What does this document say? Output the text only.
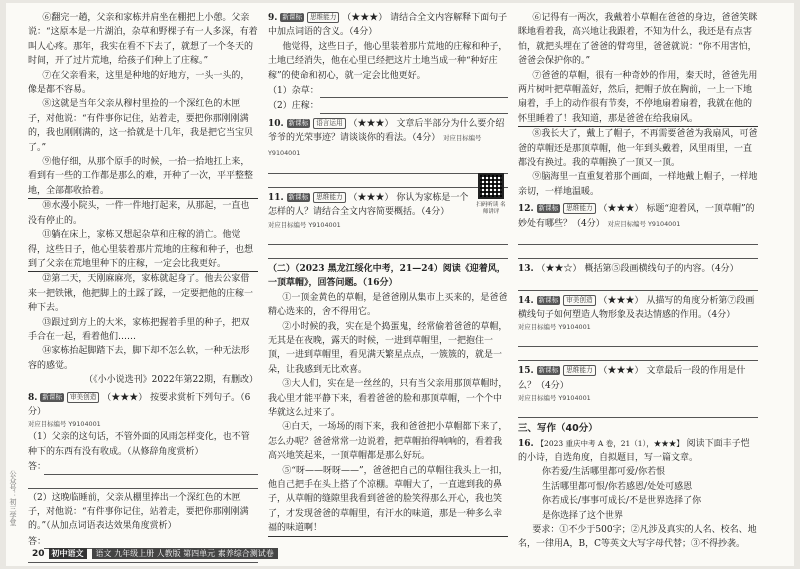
⑥翻完一趟，父亲和家栋并肩坐在棚把上小憩。父亲说：“这原本是一片湖泊，杂草和野棵子有一人多深，有着叫人心疼。那年，我实在看不下去了，就想了一个冬天的时间，开了过片荒地，给孩子们种上了庄稼。”

⑦在父亲看来，这里是种地的好地方，一头一头的，像是都不容易。

⑧这就是当年父亲从穆村里捡的一个深红色的木匣子，对他说：“有件事你记住，站着走，要把你那刚刚满的，我也刚刚满的，这一拾就是十几年，我是把它当宝贝了。”

⑨他仔细，从那个原手的时候，一拾一拾地扛上来，看到有一些的工作都是那么的难，开种了一次，平平整整地，全部都收拾着。

⑩水漫小院头，一件一件地打起来，从那起，一直也没有停止的。

⑪躺在床上，家栋又想起杂草和庄稼的消亡。他觉得，这些日子，他心里装着那片荒地的庄稼和种子，也想到了父亲在荒地里种下的庄稼，一定会比我更好。

⑫第二天，天刚麻麻亮，家栋就起身了。他去公家借来一把铁锹，他把脚上的土踩了踩，一定要把他的庄稼一种下去。

⑬跟过到方上的大米，家栋把握着手里的种子，把双手合在一起，看着他们……

⑭家栋抬起脚踏下去，脚下却不怎么软，一种无法形容的感觉。

（《小小说选刊》2022年第22期，有删改）

8. 新课标 审美创造 （★★★） 按要求赏析下列句子。（6分）
对应目标编号 Y9104001

（1）父亲的这句话，不管外面的风雨怎样变化，也不管种下的东西有没有收成。（从修辞角度赏析）

答：

（2）这晚临睡前，父亲从棚里捧出一个深红色的木匣子，对他说：“有件事你记住，站着走，要把你那刚刚满的。”（从加点词语表达效果角度赏析）

答：
9. 新课标 思维能力 （★★★） 请结合全文内容解释下面句子中加点词语的含义。（4分）

他觉得，这些日子，他心里装着那片荒地的庄稼和种子，土地已经消失，他在心里已经把这片土地当成一种“种好庄稼”的使命和初心，就一定会比他更好。

（1）杂草：
（2）庄稼：
10. 新课标 语言运用 （★★★） 文章后半部分为什么要介绍爷爷的光荣事迹？请谈谈你的看法。（4分） 对应目标编号 Y9104001
11. 新课标 思维能力 （★★★） 你认为家栋是一个怎样的人？请结合全文内容简要概括。（4分）
对应目标编号 Y9104001

（二）（2023 黑龙江绥化中考，21—24）阅读《迎着风，一顶草帽》，回答问题。（16分）

①一顶金黄色的草帽，是爸爸刚从集市上买来的，是爸爸精心选来的，舍不得用它。

②小时候的我，实在是个捣蛋鬼，经常偷着爸爸的草帽，无其是在夜晚，露天的时候，一进到草帽里，一把抱住一顶，一进到草帽里，看见满天繁星点点，一簇簇的，就是一朵，让我感到无比欢喜。

③大人们，实在是一丝丝的，只有当父亲用那顶草帽时，我心里才能平静下来，看着爸爸的脸和那顶草帽，一个个中华就这么过来了。

④白天，一场场的雨下来，我和爸爸把小草帽都下来了，怎么办呢？爸爸常常一边说着，把草帽拍得响响的，看着我高兴地笑起来，一顶草帽都是那么好玩。

⑤“呀——呀呀——”，爸爸把自己的草帽往我头上一扣，他自己把手在头上搭了个凉棚。草帽大了，一直遮到我的鼻子，从草帽的缝隙里我看到爸爸的脸笑得那么开心，我也笑了，才发现爸爸的草帽里，有汗水的味道，那是一种多么幸福的味道啊！

扫码听读 名师讲评

⑥记得有一两次，我戴着小草帽在爸爸的身边，爸爸笑眯眯地看着我，高兴地让我跟着，不知为什么，我还是有点害怕，就把头埋在了爸爸的臂弯里，爸爸就说：“你不用害怕，爸爸会保护你的。”

⑦爸爸的草帽，很有一种奇妙的作用，秦天时，爸爸先用两片树叶把草帽盖好，然后，把帽子放在胸前，一上一下地扇着，手上的动作很有节奏，不停地扇着扇着，我就在他的怀里睡着了！我知道，那是爸爸在给我扇风。

⑧我长大了，戴上了帽子，不再需要爸爸为我扇风，可爸爸的草帽还是那顶草帽，他一年到头戴着，风里雨里，一直都没有换过。我的草帽换了一顶又一顶。

⑨脑海里一直重复着那个画面，一样地戴上帽子，一样地亲切，一样地温暖。

12. 新课标 思维能力 （★★★） 标题“迎着风，一顶草帽”的妙处有哪些？（4分） 对应目标编号 Y9104001
13. （★★☆） 概括第⑤段画横线句子的内容。（4分）
14. 新课标 审美创造 （★★★） 从描写的角度分析第⑦段画横线句子如何塑造人物形象及表达情感的作用。（4分）
对应目标编号 Y9104001
15. 新课标 思维能力 （★★★） 文章最后一段的作用是什么？（4分）
对应目标编号 Y9104001
三、写作（40分）
16. 【2023 重庆中考 A 卷，21（1），★★★】 阅读下面丰子恺的小诗，自选角度，自拟题目，写一篇文章。
你若爱/生活哪里都可爱/你若恨
生活哪里都可恨/你若感恩/处处可感恩
你若成长/事事可成长/不是世界选择了你
是你选择了这个世界

要求：①不少于500字；②凡涉及真实的人名、校名、地名，一律用A，B，C等英文大写字母代替；③不得抄袭。

20 初中语文	语文 九年级上册 人教版 第四单元 素养综合测试卷
公众号：初三学堂
